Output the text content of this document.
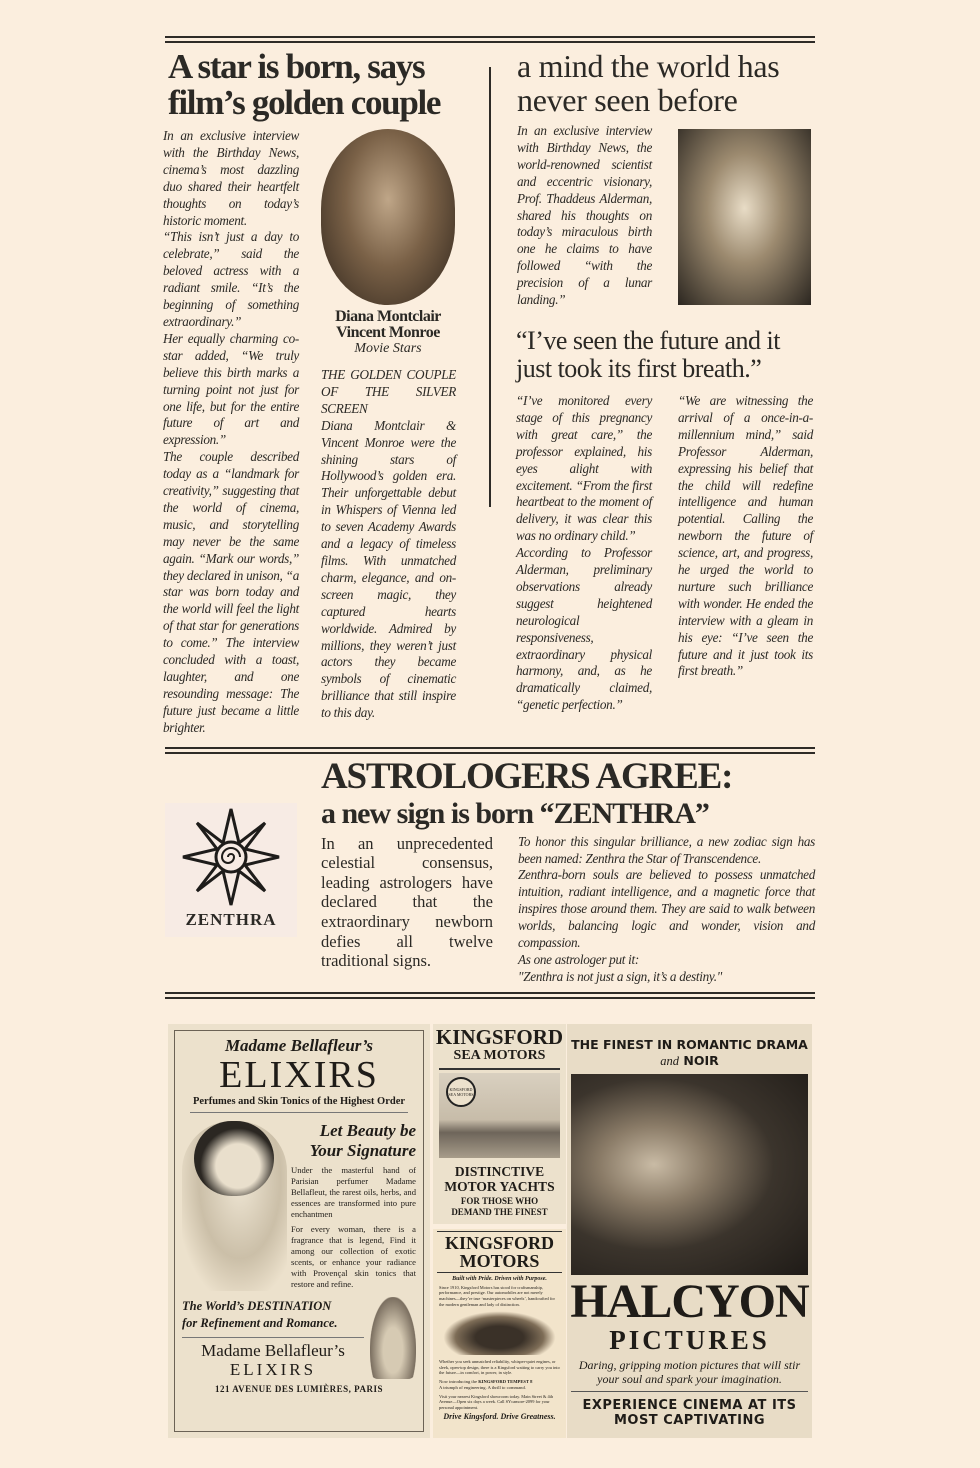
A star is born, says
film’s golden couple

In an exclusive interview with the Birthday News, cinema’s most dazzling duo shared their heartfelt thoughts on today’s historic moment.

“This isn’t just a day to celebrate,” said the beloved actress with a radiant smile. “It’s the beginning of something extraordinary.”

Her equally charming co-star added, “We truly believe this birth marks a turning point not just for one life, but for the entire future of art and expression.”

The couple described today as a “landmark for creativity,” suggesting that the world of cinema, music, and storytelling may never be the same again. “Mark our words,” they declared in unison, “a star was born today and the world will feel the light of that star for generations to come.” The interview concluded with a toast, laughter, and one resounding message: The future just became a little brighter.

Diana Montclair
Vincent Monroe
Movie Stars

THE GOLDEN COUPLE OF THE SILVER SCREEN

Diana Montclair & Vincent Monroe were the shining stars of Hollywood’s golden era. Their unforgettable debut in Whispers of Vienna led to seven Academy Awards and a legacy of timeless films. With unmatched charm, elegance, and on-screen magic, they captured hearts worldwide. Admired by millions, they weren’t just actors they became symbols of cinematic brilliance that still inspire to this day.

a mind the world has
never seen before
In an exclusive interview with Birthday News, the world-renowned scientist and eccentric visionary, Prof. Thaddeus Alderman, shared his thoughts on today’s miraculous birth one he claims to have followed “with the precision of a lunar landing.”
“I’ve seen the future and it just took its first breath.”

“I’ve monitored every stage of this pregnancy with great care,” the professor explained, his eyes alight with excitement. “From the first heartbeat to the moment of delivery, it was clear this was no ordinary child.”

According to Professor Alderman, preliminary observations already suggest heightened neurological responsiveness, extraordinary physical harmony, and, as he dramatically claimed, “genetic perfection.”

“We are witnessing the arrival of a once-in-a-millennium mind,” said Professor Alderman, expressing his belief that the child will redefine intelligence and human potential. Calling the newborn the future of science, art, and progress, he urged the world to nurture such brilliance with wonder. He ended the interview with a gleam in his eye: “I’ve seen the future and it just took its first breath.”
ZENTHRA
ASTROLOGERS AGREE:
a new sign is born “ZENTHRA”
In an unprecedented celestial consensus, leading astrologers have declared that the extraordinary newborn defies all twelve traditional signs.

To honor this singular brilliance, a new zodiac sign has been named: Zenthra the Star of Transcendence.

Zenthra-born souls are believed to possess unmatched intuition, radiant intelligence, and a magnetic force that inspires those around them. They are said to walk between worlds, balancing logic and wonder, vision and compassion.

As one astrologer put it:

"Zenthra is not just a sign, it’s a destiny."

Madame Bellafleur’s
ELIXIRS
Perfumes and Skin Tonics of the Highest Order
Let Beauty be
Your Signature

Under the masterful hand of Parisian perfumer Madame Bellafleut, the rarest oils, herbs, and essences are transformed into pure enchantmen

For every woman, there is a fragrance that is legend, Find it among our collection of exotic scents, or enhance your radiance with Provençal skin tonics that restore and refine.

The World’s DESTINATION
for Refinement and Romance.
Madame Bellafleur’s
ELIXIRS
121 AVENUE DES LUMIÈRES, PARIS
KINGSFORD
SEA MOTORS
KINGSFORD SEA MOTORS
DISTINCTIVE
MOTOR YACHTS
FOR THOSE WHO
DEMAND THE FINEST
KINGSFORD
MOTORS
Built with Pride. Driven with Purpose.
Since 1910, Kingsford Motors has stood for craftsmanship, performance, and prestige. Our automobiles are not merely machines—they’re true ‘masterpieces on wheels’, handcrafted for the modern gentleman and lady of distinction.
Whether you seek unmatched reliability, whisper-quiet engines, or sleek, open-top design, there is a Kingsford waiting to carry you into the future—in comfort, in power, in style.
Now introducing the KINGSFORD TEMPEST 8
A triumph of engineering. A thrill to command.
Visit your nearest Kingsford showroom today. Main Street & 4th Avenue—Open six days a week. Call SYcamore-2099 for your personal appointment.
Drive Kingsford. Drive Greatness.
THE FINEST IN ROMANTIC DRAMA
and NOIR
HALCYON
PICTURES
Daring, gripping motion pictures that will stir your soul and spark your imagination.
EXPERIENCE CINEMA AT ITS MOST CAPTIVATING
